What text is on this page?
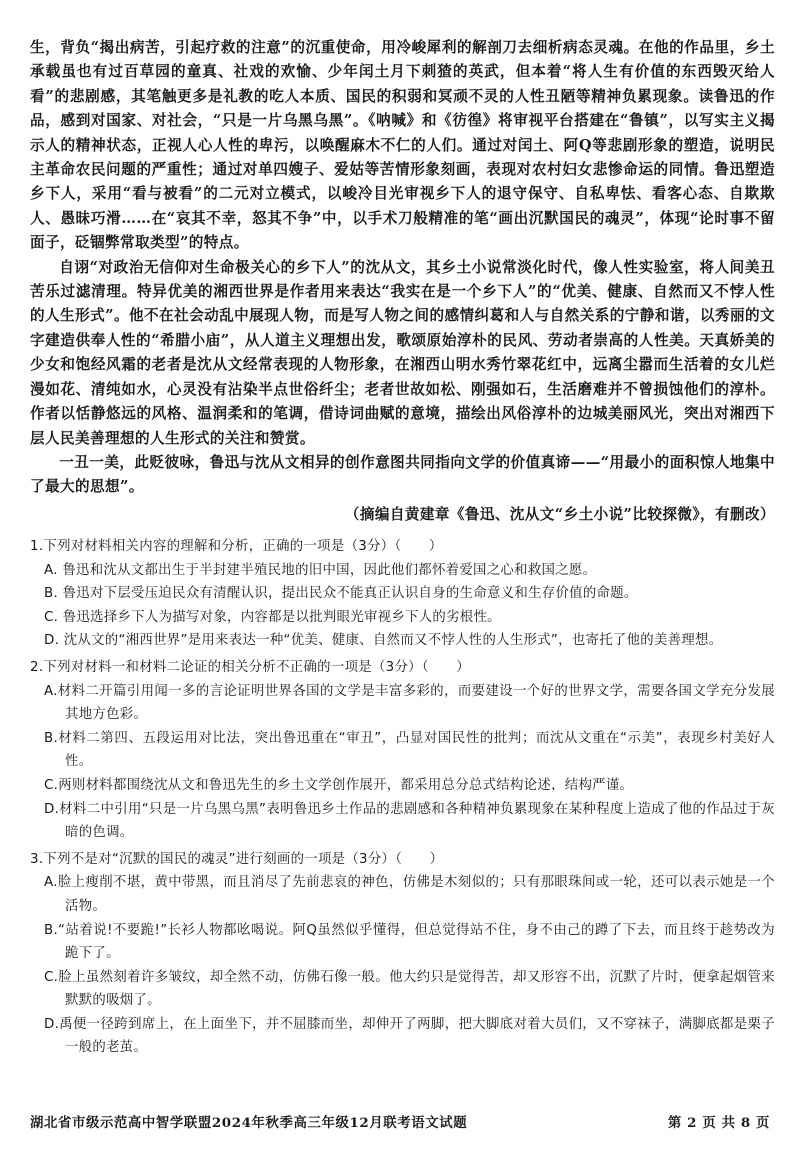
生，背负“揭出病苦，引起疗救的注意”的沉重使命，用冷峻犀利的解剖刀去细析病态灵魂。在他的作品里，乡土承载虽也有过百草园的童真、社戏的欢愉、少年闰土月下刺猹的英武，但本着“将人生有价值的东西毁灭给人看”的悲剧感，其笔触更多是礼教的吃人本质、国民的积弱和冥顽不灵的人性丑陋等精神负累现象。读鲁迅的作品，感到对国家、对社会，“只是一片乌黑乌黑”。《呐喊》和《彷徨》将审视平台搭建在“鲁镇”，以写实主义揭示人的精神状态，正视人心人性的卑污，以唤醒麻木不仁的人们。通过对闰土、阿Q等悲剧形象的塑造，说明民主革命农民问题的严重性；通过对单四嫂子、爱姑等苦情形象刻画，表现对农村妇女悲惨命运的同情。鲁迅塑造乡下人，采用“看与被看”的二元对立模式，以峻冷目光审视乡下人的退守保守、自私卑怯、看客心态、自欺欺人、愚昧巧滑……在“哀其不幸，怒其不争”中，以手术刀般精准的笔“画出沉默国民的魂灵”，体现“论时事不留面子，砭锢弊常取类型”的特点。

自诩“对政治无信仰对生命极关心的乡下人”的沈从文，其乡土小说常淡化时代，像人性实验室，将人间美丑苦乐过滤清理。特异优美的湘西世界是作者用来表达“我实在是一个乡下人”的“优美、健康、自然而又不悖人性的人生形式”。他不在社会动乱中展现人物，而是写人物之间的感情纠葛和人与自然关系的宁静和谐，以秀丽的文字建造供奉人性的“希腊小庙”，从人道主义理想出发，歌颂原始淳朴的民风、劳动者崇高的人性美。天真娇美的少女和饱经风霜的老者是沈从文经常表现的人物形象，在湘西山明水秀竹翠花红中，远离尘嚣而生活着的女儿烂漫如花、清纯如水，心灵没有沾染半点世俗纤尘；老者世故如松、刚强如石，生活磨难并不曾损蚀他们的淳朴。作者以恬静悠远的风格、温润柔和的笔调，借诗词曲赋的意境，描绘出风俗淳朴的边城美丽风光，突出对湘西下层人民美善理想的人生形式的关注和赞赏。

一丑一美，此贬彼咏，鲁迅与沈从文相异的创作意图共同指向文学的价值真谛——“用最小的面积惊人地集中了最大的思想”。

（摘编自黄建章《鲁迅、沈从文“乡土小说”比较探微》，有删改）

1.下列对材料相关内容的理解和分析，正确的一项是（3分）（　　）

A. 鲁迅和沈从文都出生于半封建半殖民地的旧中国，因此他们都怀着爱国之心和救国之愿。

B. 鲁迅对下层受压迫民众有清醒认识，提出民众不能真正认识自身的生命意义和生存价值的命题。

C. 鲁迅选择乡下人为描写对象，内容都是以批判眼光审视乡下人的劣根性。

D. 沈从文的“湘西世界”是用来表达一种“优美、健康、自然而又不悖人性的人生形式”，也寄托了他的美善理想。

2.下列对材料一和材料二论证的相关分析不正确的一项是（3分）（　　）

A.材料二开篇引用闻一多的言论证明世界各国的文学是丰富多彩的，而要建设一个好的世界文学，需要各国文学充分发展其地方色彩。

B.材料二第四、五段运用对比法，突出鲁迅重在“审丑”，凸显对国民性的批判；而沈从文重在“示美”，表现乡村美好人性。

C.两则材料都围绕沈从文和鲁迅先生的乡土文学创作展开，都采用总分总式结构论述，结构严谨。

D.材料二中引用“只是一片乌黑乌黑”表明鲁迅乡土作品的悲剧感和各种精神负累现象在某种程度上造成了他的作品过于灰暗的色调。

3.下列不是对“沉默的国民的魂灵”进行刻画的一项是（3分）（　　）

A.脸上瘦削不堪，黄中带黑，而且消尽了先前悲哀的神色，仿佛是木刻似的；只有那眼珠间或一轮，还可以表示她是一个活物。

B.“站着说!不要跪!”长衫人物都吆喝说。阿Q虽然似乎懂得，但总觉得站不住，身不由己的蹲了下去，而且终于趁势改为跪下了。

C.脸上虽然刻着许多皱纹，却全然不动，仿佛石像一般。他大约只是觉得苦，却又形容不出，沉默了片时，便拿起烟管来默默的吸烟了。

D.禹便一径跨到席上，在上面坐下，并不屈膝而坐，却伸开了两脚，把大脚底对着大员们，又不穿袜子，满脚底都是栗子一般的老茧。

湖北省市级示范高中智学联盟2024年秋季高三年级12月联考语文试题	第 2 页 共 8 页
